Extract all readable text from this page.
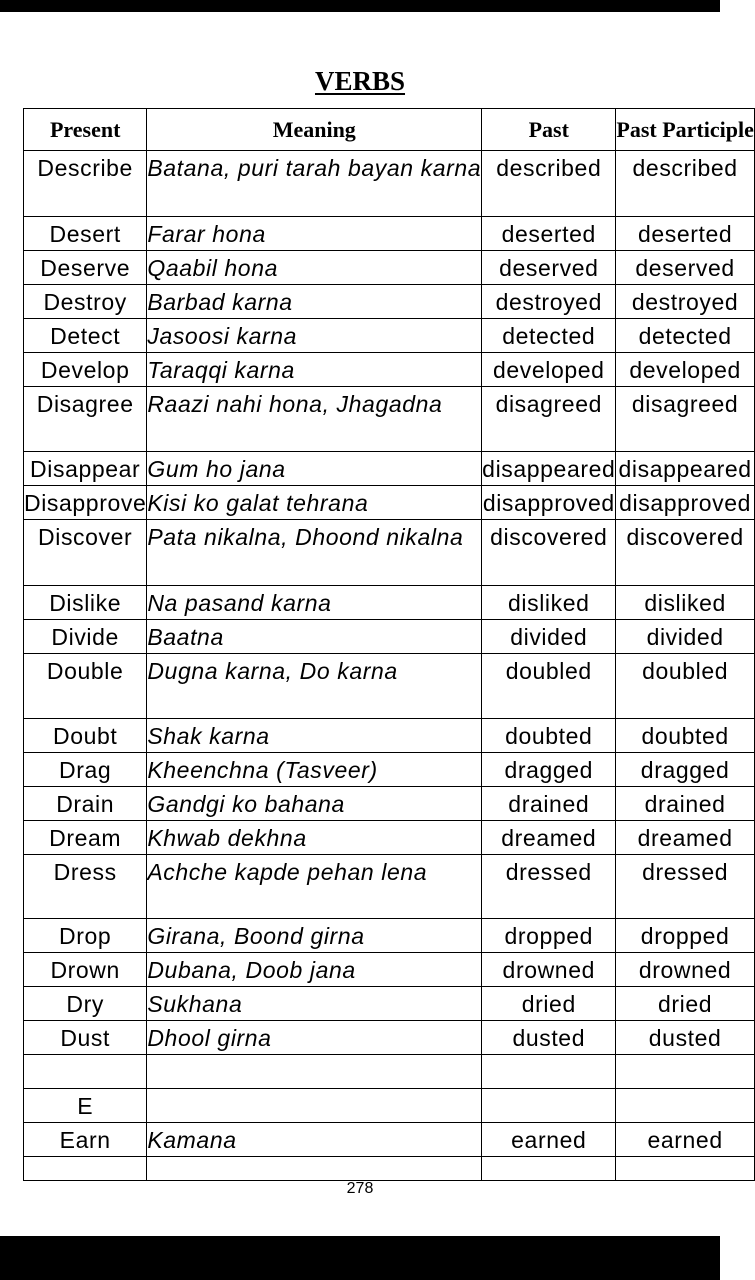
VERBS
Present	Meaning	Past	Past Participle
Describe	Batana, puri tarah bayan karna	described	described
Desert	Farar hona	deserted	deserted
Deserve	Qaabil hona	deserved	deserved
Destroy	Barbad karna	destroyed	destroyed
Detect	Jasoosi karna	detected	detected
Develop	Taraqqi karna	developed	developed
Disagree	Raazi nahi hona, Jhagadna	disagreed	disagreed
Disappear	Gum ho jana	disappeared	disappeared
Disapprove	Kisi ko galat tehrana	disapproved	disapproved
Discover	Pata nikalna, Dhoond nikalna	discovered	discovered
Dislike	Na pasand karna	disliked	disliked
Divide	Baatna	divided	divided
Double	Dugna karna, Do karna	doubled	doubled
Doubt	Shak karna	doubted	doubted
Drag	Kheenchna (Tasveer)	dragged	dragged
Drain	Gandgi ko bahana	drained	drained
Dream	Khwab dekhna	dreamed	dreamed
Dress	Achche kapde pehan lena	dressed	dressed
Drop	Girana, Boond girna	dropped	dropped
Drown	Dubana, Doob jana	drowned	drowned
Dry	Sukhana	dried	dried
Dust	Dhool girna	dusted	dusted

E			
Earn	Kamana	earned	earned

278
